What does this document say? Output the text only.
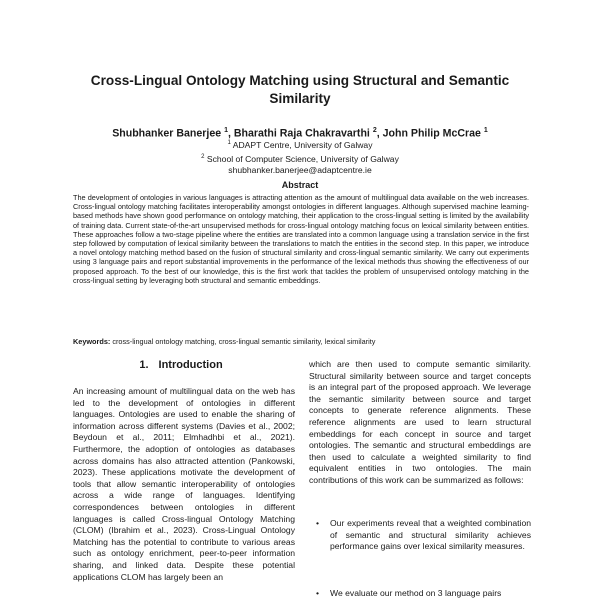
Cross-Lingual Ontology Matching using Structural and Semantic Similarity
Shubhanker Banerjee $^1$, Bharathi Raja Chakravarthi $^2$, John Philip McCrae $^1$
$^1$ ADAPT Centre, University of Galway
$^2$ School of Computer Science, University of Galway
shubhanker.banerjee@adaptcentre.ie
Abstract
The development of ontologies in various languages is attracting attention as the amount of multilingual data available on the web increases. Cross-lingual ontology matching facilitates interoperability amongst ontologies in different languages. Although supervised machine learning-based methods have shown good performance on ontology matching, their application to the cross-lingual setting is limited by the availability of training data. Current state-of-the-art unsupervised methods for cross-lingual ontology matching focus on lexical similarity between entities. These approaches follow a two-stage pipeline where the entities are translated into a common language using a translation service in the first step followed by computation of lexical similarity between the translations to match the entities in the second step. In this paper, we introduce a novel ontology matching method based on the fusion of structural similarity and cross-lingual semantic similarity. We carry out experiments using 3 language pairs and report substantial improvements in the performance of the lexical methods thus showing the effectiveness of our proposed approach. To the best of our knowledge, this is the first work that tackles the problem of unsupervised ontology matching in the cross-lingual setting by leveraging both structural and semantic embeddings.
Keywords: cross-lingual ontology matching, cross-lingual semantic similarity, lexical similarity
1. Introduction
An increasing amount of multilingual data on the web has led to the development of ontologies in different languages. Ontologies are used to enable the sharing of information across different systems (Davies et al., 2002; Beydoun et al., 2011; Elmhadhbi et al., 2021). Furthermore, the adoption of ontologies as databases across domains has also attracted attention (Pankowski, 2023). These applications motivate the development of tools that allow semantic interoperability of ontologies across a wide range of languages. Identifying correspondences between ontologies in different languages is called Cross-lingual Ontology Matching (CLOM) (Ibrahim et al., 2023). Cross-Lingual Ontology Matching has the potential to contribute to various areas such as ontology enrichment, peer-to-peer information sharing, and linked data. Despite these potential applications CLOM has largely been an
which are then used to compute semantic similarity. Structural similarity between source and target concepts is an integral part of the proposed approach. We leverage the semantic similarity between source and target concepts to generate reference alignments. These reference alignments are used to learn structural embeddings for each concept in source and target ontologies. The semantic and structural embeddings are then used to calculate a weighted similarity to find equivalent entities in two ontologies. The main contributions of this work can be summarized as follows:
•	Our experiments reveal that a weighted combination of semantic and structural similarity achieves performance gains over lexical similarity measures.
•	We evaluate our method on 3 language pairs
